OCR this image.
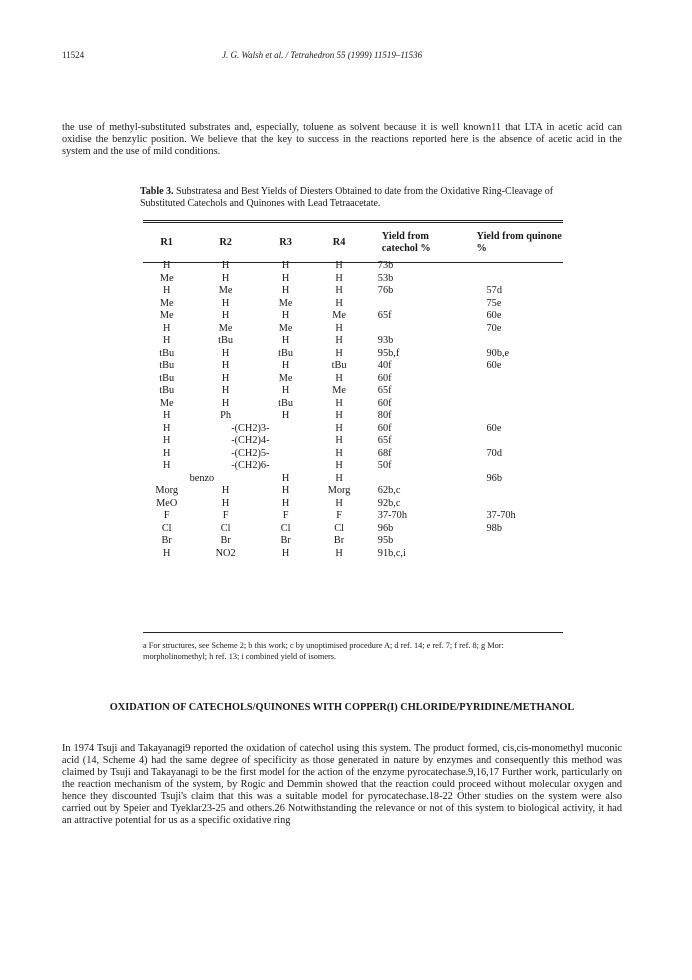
11524	J. G. Walsh et al. / Tetrahedron 55 (1999) 11519–11536

the use of methyl-substituted substrates and, especially, toluene as solvent because it is well known11 that LTA in acetic acid can oxidise the benzylic position. We believe that the key to success in the reactions reported here is the absence of acetic acid in the system and the use of mild conditions.

Table 3. Substratesa and Best Yields of Diesters Obtained to date from the Oxidative Ring-Cleavage of Substituted Catechols and Quinones with Lead Tetraacetate.
R1	R2	R3	R4	Yield from catechol %	Yield from quinone %
H	H	H	H	73b	
Me	H	H	H	53b	
H	Me	H	H	76b	57d
Me	H	Me	H		75e
Me	H	H	Me	65f	60e
H	Me	Me	H		70e
H	tBu	H	H	93b	
tBu	H	tBu	H	95b,f	90b,e
tBu	H	H	tBu	40f	60e
tBu	H	Me	H	60f	
tBu	H	H	Me	65f	
Me	H	tBu	H	60f	
H	Ph	H	H	80f	
H	-(CH2)3-		H	60f	60e
H	-(CH2)4-		H	65f	
H	-(CH2)5-		H	68f	70d
H	-(CH2)6-		H	50f	
benzo		H	H		96b
Morg	H	H	Morg	62b,c	
MeO	H	H	H	92b,c	
F	F	F	F	37-70h	37-70h
Cl	Cl	Cl	Cl	96b	98b
Br	Br	Br	Br	95b	
H	NO2	H	H	91b,c,i	
a For structures, see Scheme 2; b this work; c by unoptimised procedure A; d ref. 14; e ref. 7; f ref. 8; g Mor: morpholinomethyl; h ref. 13; i combined yield of isomers.
OXIDATION OF CATECHOLS/QUINONES WITH COPPER(I) CHLORIDE/PYRIDINE/METHANOL

In 1974 Tsuji and Takayanagi9 reported the oxidation of catechol using this system. The product formed, cis,cis-monomethyl muconic acid (14, Scheme 4) had the same degree of specificity as those generated in nature by enzymes and consequently this method was claimed by Tsuji and Takayanagi to be the first model for the action of the enzyme pyrocatechase.9,16,17 Further work, particularly on the reaction mechanism of the system, by Rogic and Demmin showed that the reaction could proceed without molecular oxygen and hence they discounted Tsuji's claim that this was a suitable model for pyrocatechase.18-22 Other studies on the system were also carried out by Speier and Tyeklar23-25 and others.26 Notwithstanding the relevance or not of this system to biological activity, it had an attractive potential for us as a specific oxidative ring
